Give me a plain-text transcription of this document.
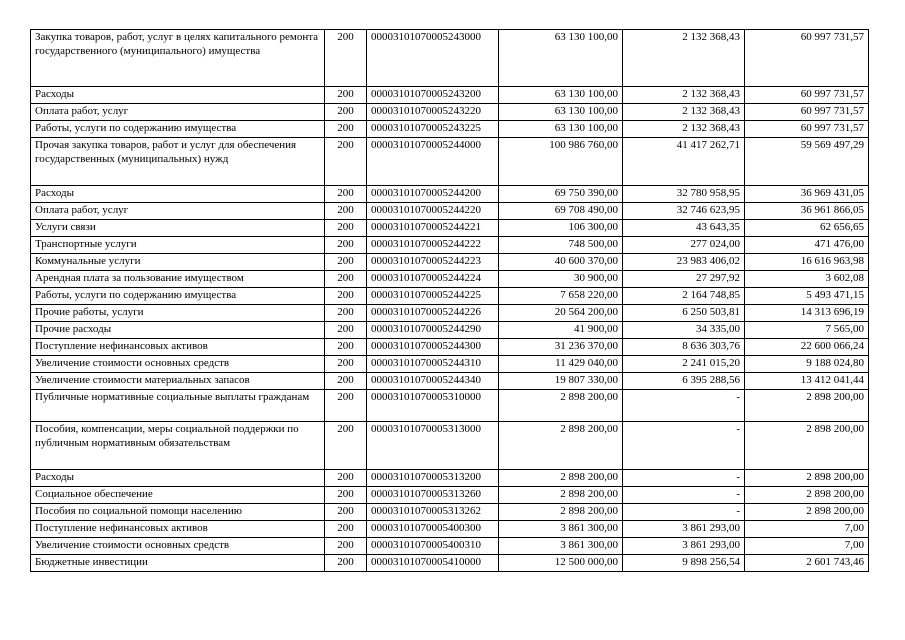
Закупка товаров, работ, услуг в целях капитального ремонта государственного (муниципального) имущества	200	00003101070005243000	63 130 100,00	2 132 368,43	60 997 731,57
Расходы	200	00003101070005243200	63 130 100,00	2 132 368,43	60 997 731,57
Оплата работ, услуг	200	00003101070005243220	63 130 100,00	2 132 368,43	60 997 731,57
Работы, услуги по содержанию имущества	200	00003101070005243225	63 130 100,00	2 132 368,43	60 997 731,57
Прочая закупка товаров, работ и услуг для обеспечения государственных (муниципальных) нужд	200	00003101070005244000	100 986 760,00	41 417 262,71	59 569 497,29
Расходы	200	00003101070005244200	69 750 390,00	32 780 958,95	36 969 431,05
Оплата работ, услуг	200	00003101070005244220	69 708 490,00	32 746 623,95	36 961 866,05
Услуги связи	200	00003101070005244221	106 300,00	43 643,35	62 656,65
Транспортные услуги	200	00003101070005244222	748 500,00	277 024,00	471 476,00
Коммунальные услуги	200	00003101070005244223	40 600 370,00	23 983 406,02	16 616 963,98
Арендная плата за пользование имуществом	200	00003101070005244224	30 900,00	27 297,92	3 602,08
Работы, услуги по содержанию имущества	200	00003101070005244225	7 658 220,00	2 164 748,85	5 493 471,15
Прочие работы, услуги	200	00003101070005244226	20 564 200,00	6 250 503,81	14 313 696,19
Прочие расходы	200	00003101070005244290	41 900,00	34 335,00	7 565,00
Поступление нефинансовых активов	200	00003101070005244300	31 236 370,00	8 636 303,76	22 600 066,24
Увеличение стоимости основных средств	200	00003101070005244310	11 429 040,00	2 241 015,20	9 188 024,80
Увеличение стоимости материальных запасов	200	00003101070005244340	19 807 330,00	6 395 288,56	13 412 041,44
Публичные нормативные социальные выплаты гражданам	200	00003101070005310000	2 898 200,00	-	2 898 200,00
Пособия, компенсации, меры социальной поддержки по публичным нормативным обязательствам	200	00003101070005313000	2 898 200,00	-	2 898 200,00
Расходы	200	00003101070005313200	2 898 200,00	-	2 898 200,00
Социальное обеспечение	200	00003101070005313260	2 898 200,00	-	2 898 200,00
Пособия по социальной помощи населению	200	00003101070005313262	2 898 200,00	-	2 898 200,00
Поступление нефинансовых активов	200	00003101070005400300	3 861 300,00	3 861 293,00	7,00
Увеличение стоимости основных средств	200	00003101070005400310	3 861 300,00	3 861 293,00	7,00
Бюджетные инвестиции	200	00003101070005410000	12 500 000,00	9 898 256,54	2 601 743,46
